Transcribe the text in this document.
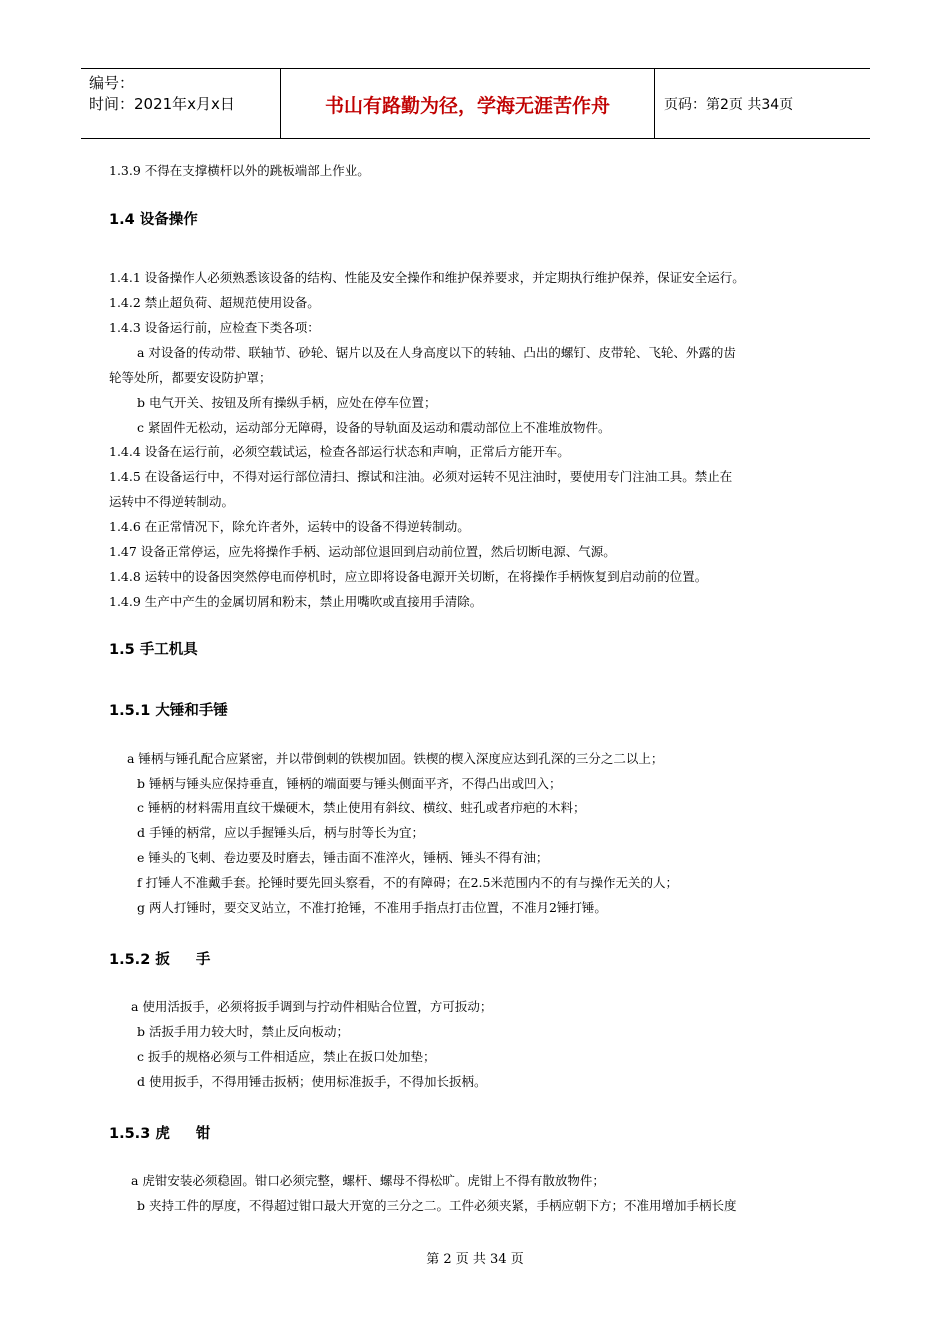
编号：
时间：2021年x月x日	书山有路勤为径，学海无涯苦作舟	页码：第2页 共34页
1.3.9 不得在支撑横杆以外的跳板端部上作业。
1.4 设备操作
1.4.1 设备操作人必须熟悉该设备的结构、性能及安全操作和维护保养要求，并定期执行维护保养，保证安全运行。
1.4.2 禁止超负荷、超规范使用设备。
1.4.3 设备运行前，应检查下类各项：
a 对设备的传动带、联轴节、砂轮、锯片以及在人身高度以下的转轴、凸出的螺钉、皮带轮、飞轮、外露的齿
轮等处所，都要安设防护罩；
b 电气开关、按钮及所有操纵手柄，应处在停车位置；
c 紧固件无松动，运动部分无障碍，设备的导轨面及运动和震动部位上不准堆放物件。
1.4.4 设备在运行前，必须空载试运，检查各部运行状态和声响，正常后方能开车。
1.4.5 在设备运行中，不得对运行部位清扫、擦试和注油。必须对运转不见注油时，要使用专门注油工具。禁止在
运转中不得逆转制动。
1.4.6 在正常情况下，除允许者外，运转中的设备不得逆转制动。
1.47 设备正常停运，应先将操作手柄、运动部位退回到启动前位置，然后切断电源、气源。
1.4.8 运转中的设备因突然停电而停机时，应立即将设备电源开关切断，在将操作手柄恢复到启动前的位置。
1.4.9 生产中产生的金属切屑和粉末，禁止用嘴吹或直接用手清除。
1.5 手工机具
1.5.1 大锤和手锤
a 锤柄与锤孔配合应紧密，并以带倒刺的铁楔加固。铁楔的楔入深度应达到孔深的三分之二以上；
b 锤柄与锤头应保持垂直，锤柄的端面要与锤头侧面平齐，不得凸出或凹入；
c 锤柄的材料需用直纹干燥硬木，禁止使用有斜纹、横纹、蛀孔或者疖疤的木料；
d 手锤的柄常，应以手握锤头后，柄与肘等长为宜；
e 锤头的飞刺、卷边要及时磨去，锤击面不准淬火，锤柄、锤头不得有油；
f 打锤人不准戴手套。抡锤时要先回头察看，不的有障碍；在2.5米范围内不的有与操作无关的人；
g 两人打锤时，要交叉站立，不准打抢锤，不准用手指点打击位置，不准月2锤打锤。
1.5.2 扳 手
a 使用活扳手，必须将扳手调到与拧动件相贴合位置，方可扳动；
b 活扳手用力较大时，禁止反向板动；
c 扳手的规格必须与工件相适应，禁止在扳口处加垫；
d 使用扳手，不得用锤击扳柄；使用标准扳手，不得加长扳柄。
1.5.3 虎 钳
a 虎钳安装必须稳固。钳口必须完整，螺杆、螺母不得松旷。虎钳上不得有散放物件；
b 夹持工件的厚度，不得超过钳口最大开宽的三分之二。工件必须夹紧，手柄应朝下方；不准用增加手柄长度
第 2 页 共 34 页
